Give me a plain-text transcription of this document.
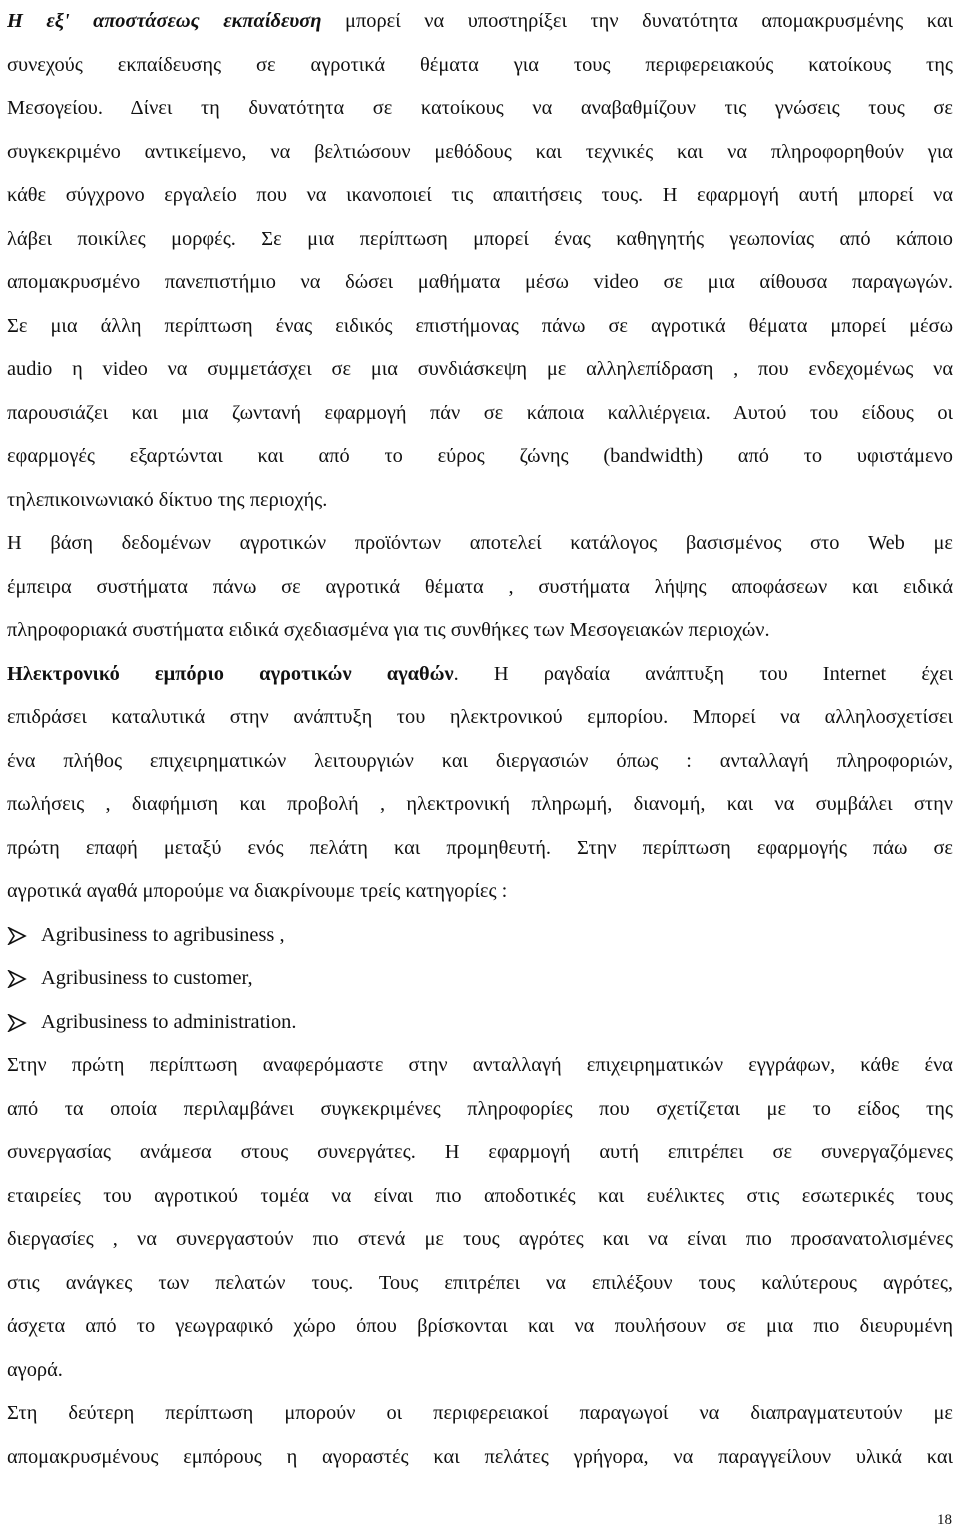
Η εξ' αποστάσεως εκπαίδευση μπορεί να υποστηρίξει την δυνατότητα απομακρυσμένης και
συνεχούς εκπαίδευσης σε αγροτικά θέματα για τους περιφερειακούς κατοίκους της
Μεσογείου. Δίνει τη δυνατότητα σε κατοίκους να αναβαθμίζουν τις γνώσεις τους σε
συγκεκριμένο αντικείμενο, να βελτιώσουν μεθόδους και τεχνικές και να πληροφορηθούν για
κάθε σύγχρονο εργαλείο που να ικανοποιεί τις απαιτήσεις τους. Η εφαρμογή αυτή μπορεί να
λάβει ποικίλες μορφές. Σε μια περίπτωση μπορεί ένας καθηγητής γεωπονίας από κάποιο
απομακρυσμένο πανεπιστήμιο να δώσει μαθήματα μέσω video σε μια αίθουσα παραγωγών.
Σε μια άλλη περίπτωση ένας ειδικός επιστήμονας πάνω σε αγροτικά θέματα μπορεί μέσω
audio η video να συμμετάσχει σε μια συνδιάσκεψη με αλληλεπίδραση , που ενδεχομένως να
παρουσιάζει και μια ζωντανή εφαρμογή πάν σε κάποια καλλιέργεια. Αυτού του είδους οι
εφαρμογές εξαρτώνται και από το εύρος ζώνης (bandwidth) από το υφιστάμενο
τηλεπικοινωνιακό δίκτυο της περιοχής.
Η βάση δεδομένων αγροτικών προϊόντων αποτελεί κατάλογος βασισμένος στο Web με
έμπειρα συστήματα πάνω σε αγροτικά θέματα , συστήματα λήψης αποφάσεων και ειδικά
πληροφοριακά συστήματα ειδικά σχεδιασμένα για τις συνθήκες των Μεσογειακών περιοχών.
Ηλεκτρονικό εμπόριο αγροτικών αγαθών. Η ραγδαία ανάπτυξη του Internet έχει
επιδράσει καταλυτικά στην ανάπτυξη του ηλεκτρονικού εμπορίου. Μπορεί να αλληλοσχετίσει
ένα πλήθος επιχειρηματικών λειτουργιών και διεργασιών όπως : ανταλλαγή πληροφοριών,
πωλήσεις , διαφήμιση και προβολή , ηλεκτρονική πληρωμή, διανομή, και να συμβάλει στην
πρώτη επαφή μεταξύ ενός πελάτη και προμηθευτή. Στην περίπτωση εφαρμογής πάω σε
αγροτικά αγαθά μπορούμε να διακρίνουμε τρείς κατηγορίες :
Agribusiness to agribusiness ,
Agribusiness to customer,
Agribusiness to administration.
Στην πρώτη περίπτωση αναφερόμαστε στην ανταλλαγή επιχειρηματικών εγγράφων, κάθε ένα
από τα οποία περιλαμβάνει συγκεκριμένες πληροφορίες που σχετίζεται με το είδος της
συνεργασίας ανάμεσα στους συνεργάτες. Η εφαρμογή αυτή επιτρέπει σε συνεργαζόμενες
εταιρείες του αγροτικού τομέα να είναι πιο αποδοτικές και ευέλικτες στις εσωτερικές τους
διεργασίες , να συνεργαστούν πιο στενά με τους αγρότες και να είναι πιο προσανατολισμένες
στις ανάγκες των πελατών τους. Τους επιτρέπει να επιλέξουν τους καλύτερους αγρότες,
άσχετα από το γεωγραφικό χώρο όπου βρίσκονται και να πουλήσουν σε μια πιο διευρυμένη
αγορά.
Στη δεύτερη περίπτωση μπορούν οι περιφερειακοί παραγωγοί να διαπραγματευτούν με
απομακρυσμένους εμπόρους η αγοραστές και πελάτες γρήγορα, να παραγγείλουν υλικά και
18
